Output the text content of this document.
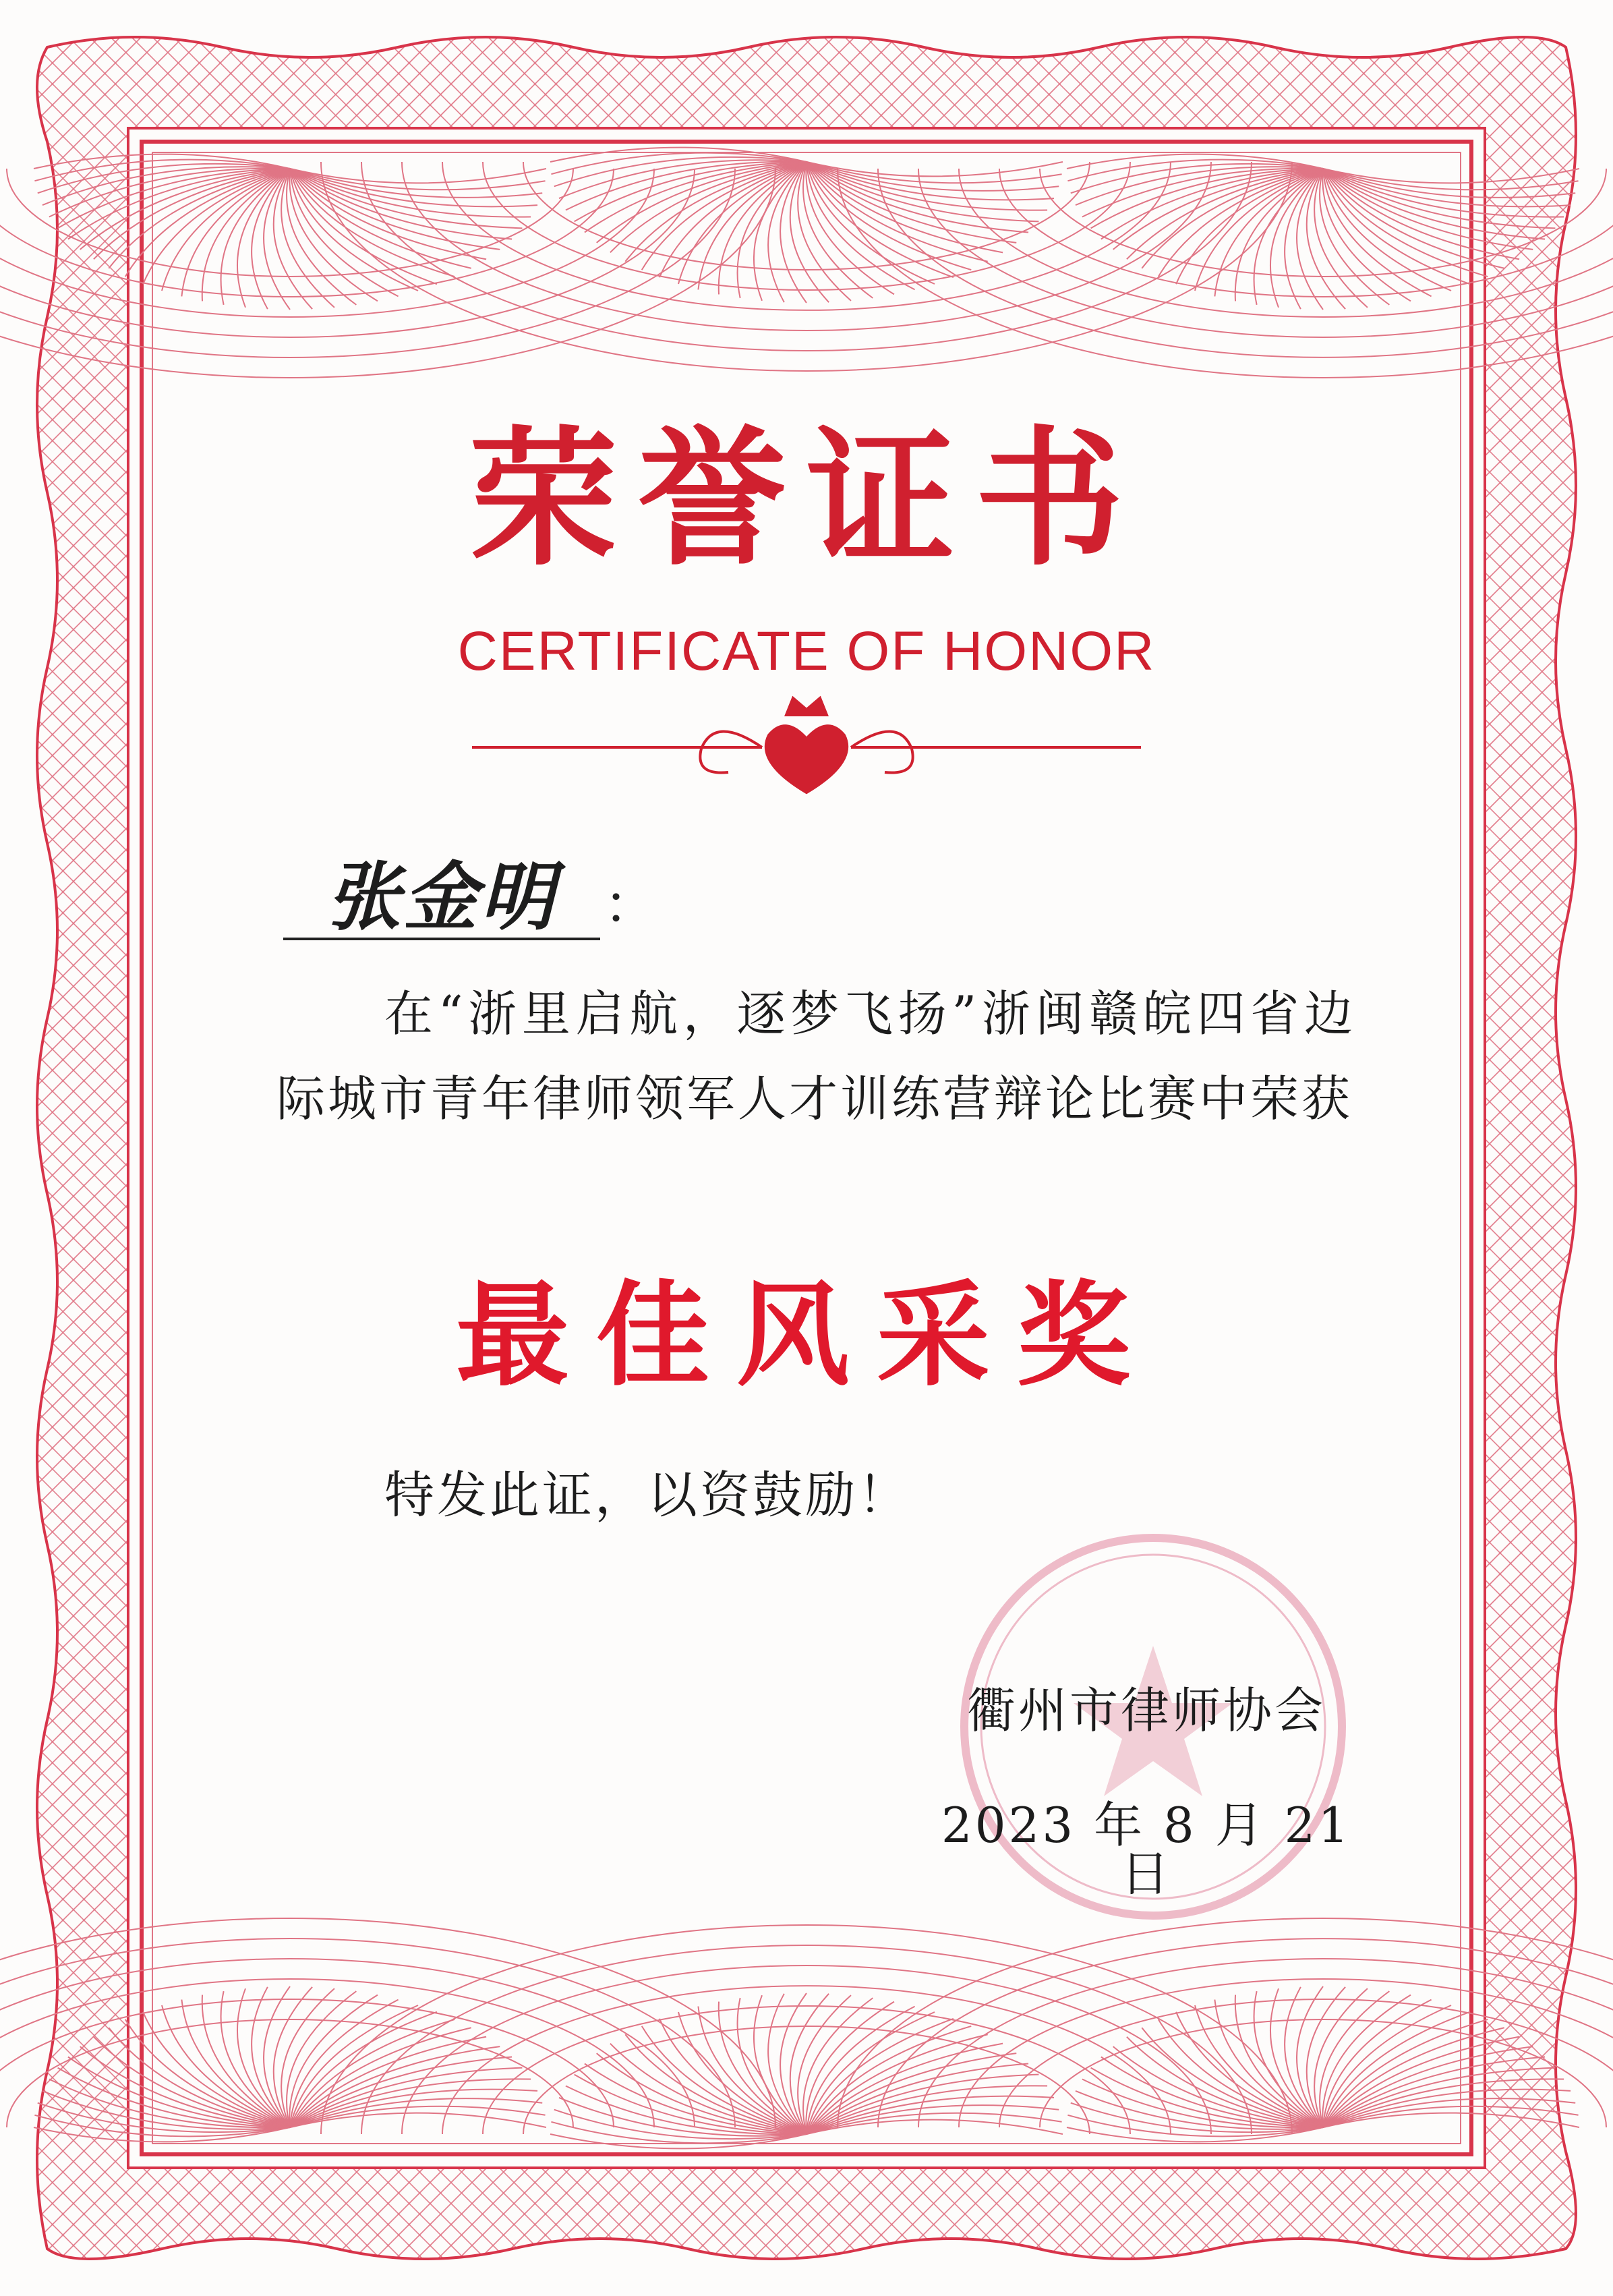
荣誉证书
CERTIFICATE OF HONOR
张金明 ：
在“浙里启航，逐梦飞扬”浙闽赣皖四省边际城市青年律师领军人才训练营辩论比赛中荣获
最佳风采奖
特发此证，以资鼓励！
衢州市律师协会
2023 年 8 月 21 日
